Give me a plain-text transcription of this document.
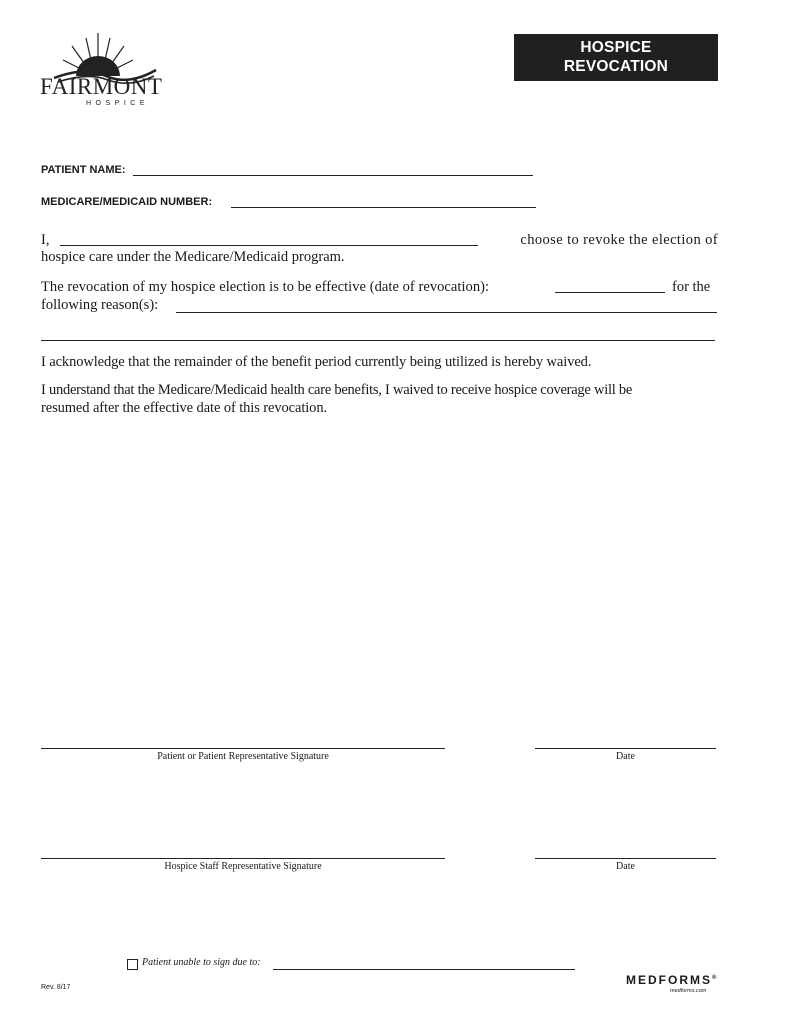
FAIRMONT
HOSPICE
HOSPICE
REVOCATION
PATIENT NAME:
MEDICARE/MEDICAID NUMBER:
I,	choose to revoke the election of
hospice care under the Medicare/Medicaid program.
The revocation of my hospice election is to be effective (date of revocation):	for the
following reason(s):
I acknowledge that the remainder of the benefit period currently being utilized is hereby waived.
I understand that the Medicare/Medicaid health care benefits, I waived to receive hospice coverage will be
resumed after the effective date of this revocation.
Patient or Patient Representative Signature	Date
Hospice Staff Representative Signature	Date
Patient unable to sign due to:
Rev. 8/17
MEDFORMS®
medforms.com
